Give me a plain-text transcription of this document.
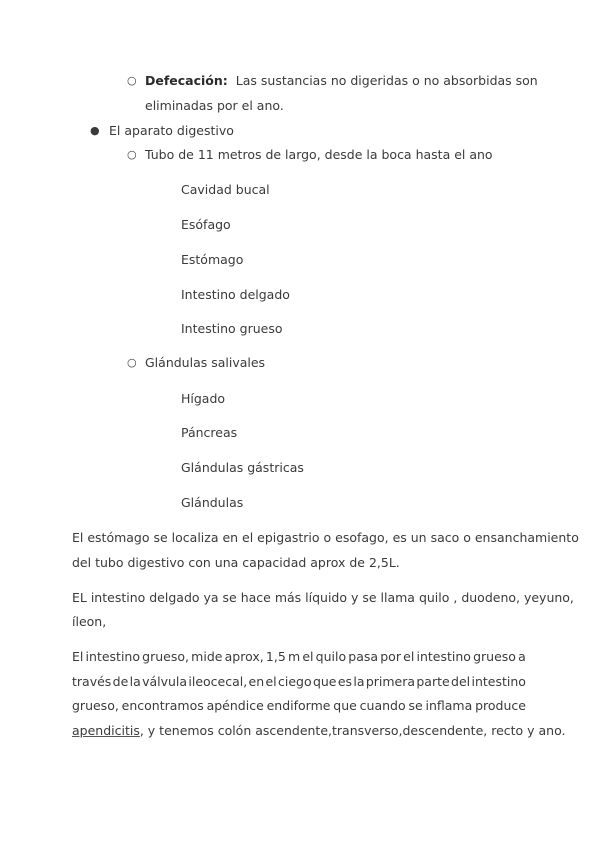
○ Defecación: Las sustancias no digeridas o no absorbidas son
eliminadas por el ano.
● El aparato digestivo
○ Tubo de 11 metros de largo, desde la boca hasta el ano
Cavidad bucal
Esófago
Estómago
Intestino delgado
Intestino grueso
○ Glándulas salivales
Hígado
Páncreas
Glándulas gástricas
Glándulas
El estómago se localiza en el epigastrio o esofago, es un saco o ensanchamiento
del tubo digestivo con una capacidad aprox de 2,5L.
EL intestino delgado ya se hace más líquido y se llama quilo , duodeno, yeyuno,
íleon,
El intestino grueso, mide aprox, 1,5 m el quilo pasa por el intestino grueso a
través de la válvula ileocecal, en el ciego que es la primera parte del intestino
grueso, encontramos apéndice endiforme que cuando se inflama produce
apendicitis, y tenemos colón ascendente,transverso,descendente, recto y ano.
